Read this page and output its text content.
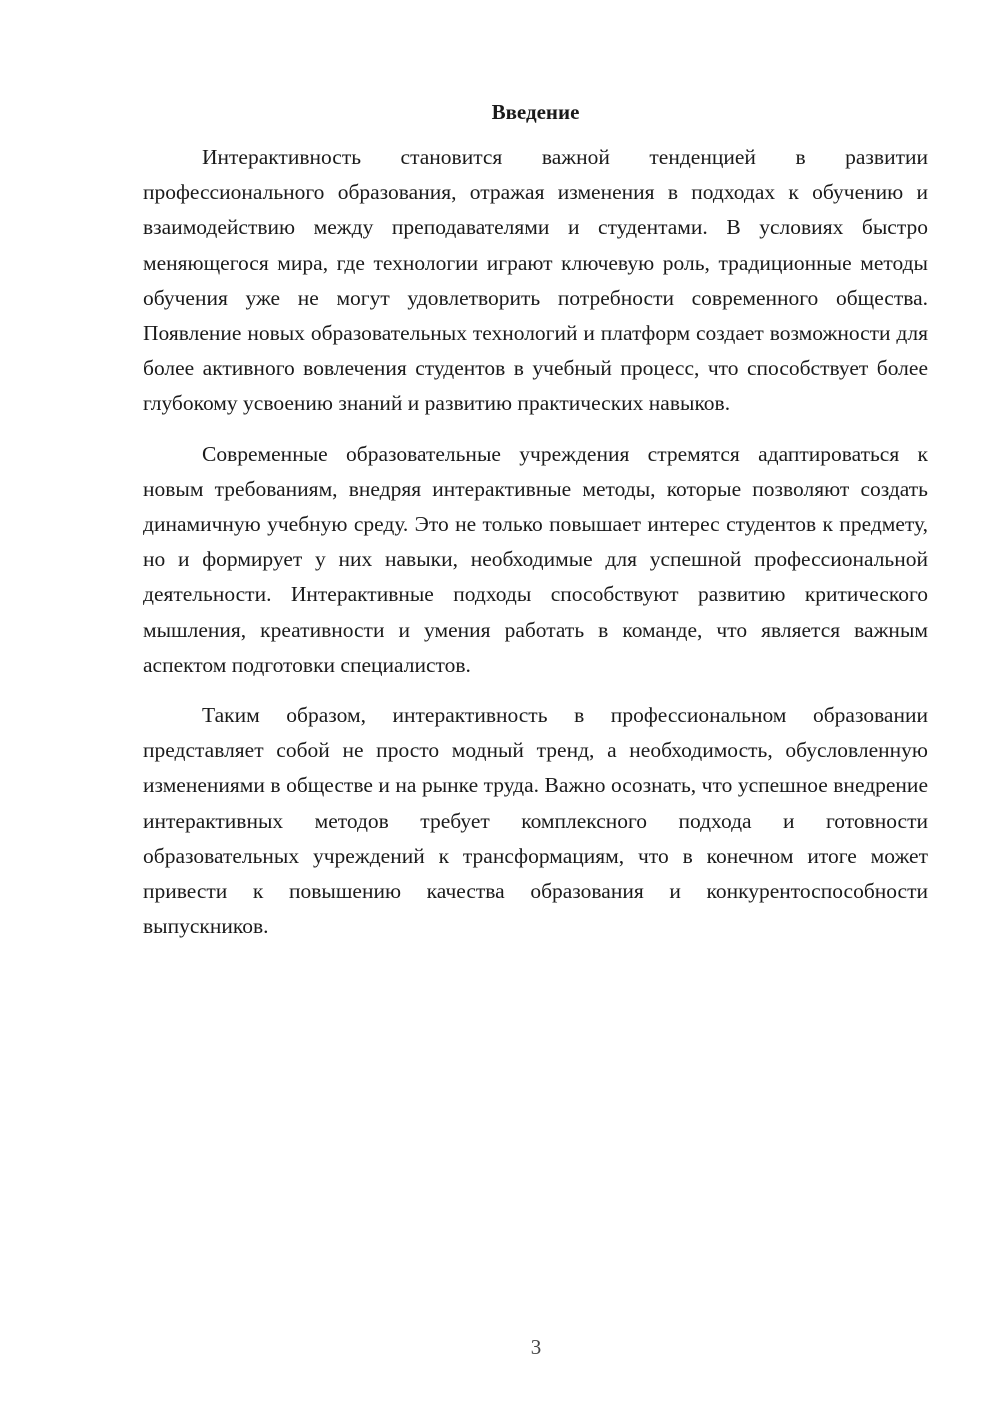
Введение

Интерактивность становится важной тенденцией в развитии профессионального образования, отражая изменения в подходах к обучению и взаимодействию между преподавателями и студентами. В условиях быстро меняющегося мира, где технологии играют ключевую роль, традиционные методы обучения уже не могут удовлетворить потребности современного общества. Появление новых образовательных технологий и платформ создает возможности для более активного вовлечения студентов в учебный процесс, что способствует более глубокому усвоению знаний и развитию практических навыков.

Современные образовательные учреждения стремятся адаптироваться к новым требованиям, внедряя интерактивные методы, которые позволяют создать динамичную учебную среду. Это не только повышает интерес студентов к предмету, но и формирует у них навыки, необходимые для успешной профессиональной деятельности. Интерактивные подходы способствуют развитию критического мышления, креативности и умения работать в команде, что является важным аспектом подготовки специалистов.

Таким образом, интерактивность в профессиональном образовании представляет собой не просто модный тренд, а необходимость, обусловленную изменениями в обществе и на рынке труда. Важно осознать, что успешное внедрение интерактивных методов требует комплексного подхода и готовности образовательных учреждений к трансформациям, что в конечном итоге может привести к повышению качества образования и конкурентоспособности выпускников.

3
